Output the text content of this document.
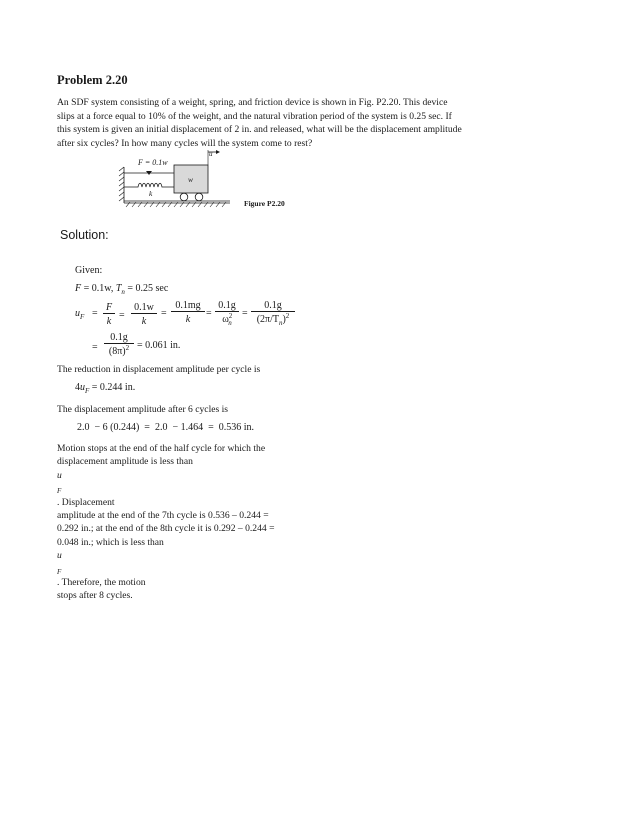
Problem 2.20
An SDF system consisting of a weight, spring, and friction device is shown in Fig. P2.20. This device
slips at a force equal to 10% of the weight, and the natural vibration period of the system is 0.25 sec. If
this system is given an initial displacement of 2 in. and released, what will be the displacement amplitude
after six cycles? In how many cycles will the system come to rest?
F = 0.1w
u
w
k
Figure P2.20
Solution:
Given:
F = 0.1w, $T_n = 0.25$ sec
$u_F = \frac{F}{k} = \frac{0.1w}{k} = \frac{0.1mg}{k} = \frac{0.1g}{\omega^2_n} = \frac{0.1g}{(2\pi/T_n)^2}$
= $\frac{0.1g}{(8\pi)^2} = 0.061$ in.
The reduction in displacement amplitude per cycle is
$4u_F = 0.244$ in.
The displacement amplitude after 6 cycles is
2.0  − 6 (0.244)  =  2.0  − 1.464  =  0.536 in.
Motion stops at the end of the half cycle for which the
displacement amplitude is less than
u
F
. Displacement
amplitude at the end of the 7th cycle is 0.536 – 0.244 =
0.292 in.; at the end of the 8th cycle it is 0.292 – 0.244 =
0.048 in.; which is less than
u
F
. Therefore, the motion
stops after 8 cycles.
